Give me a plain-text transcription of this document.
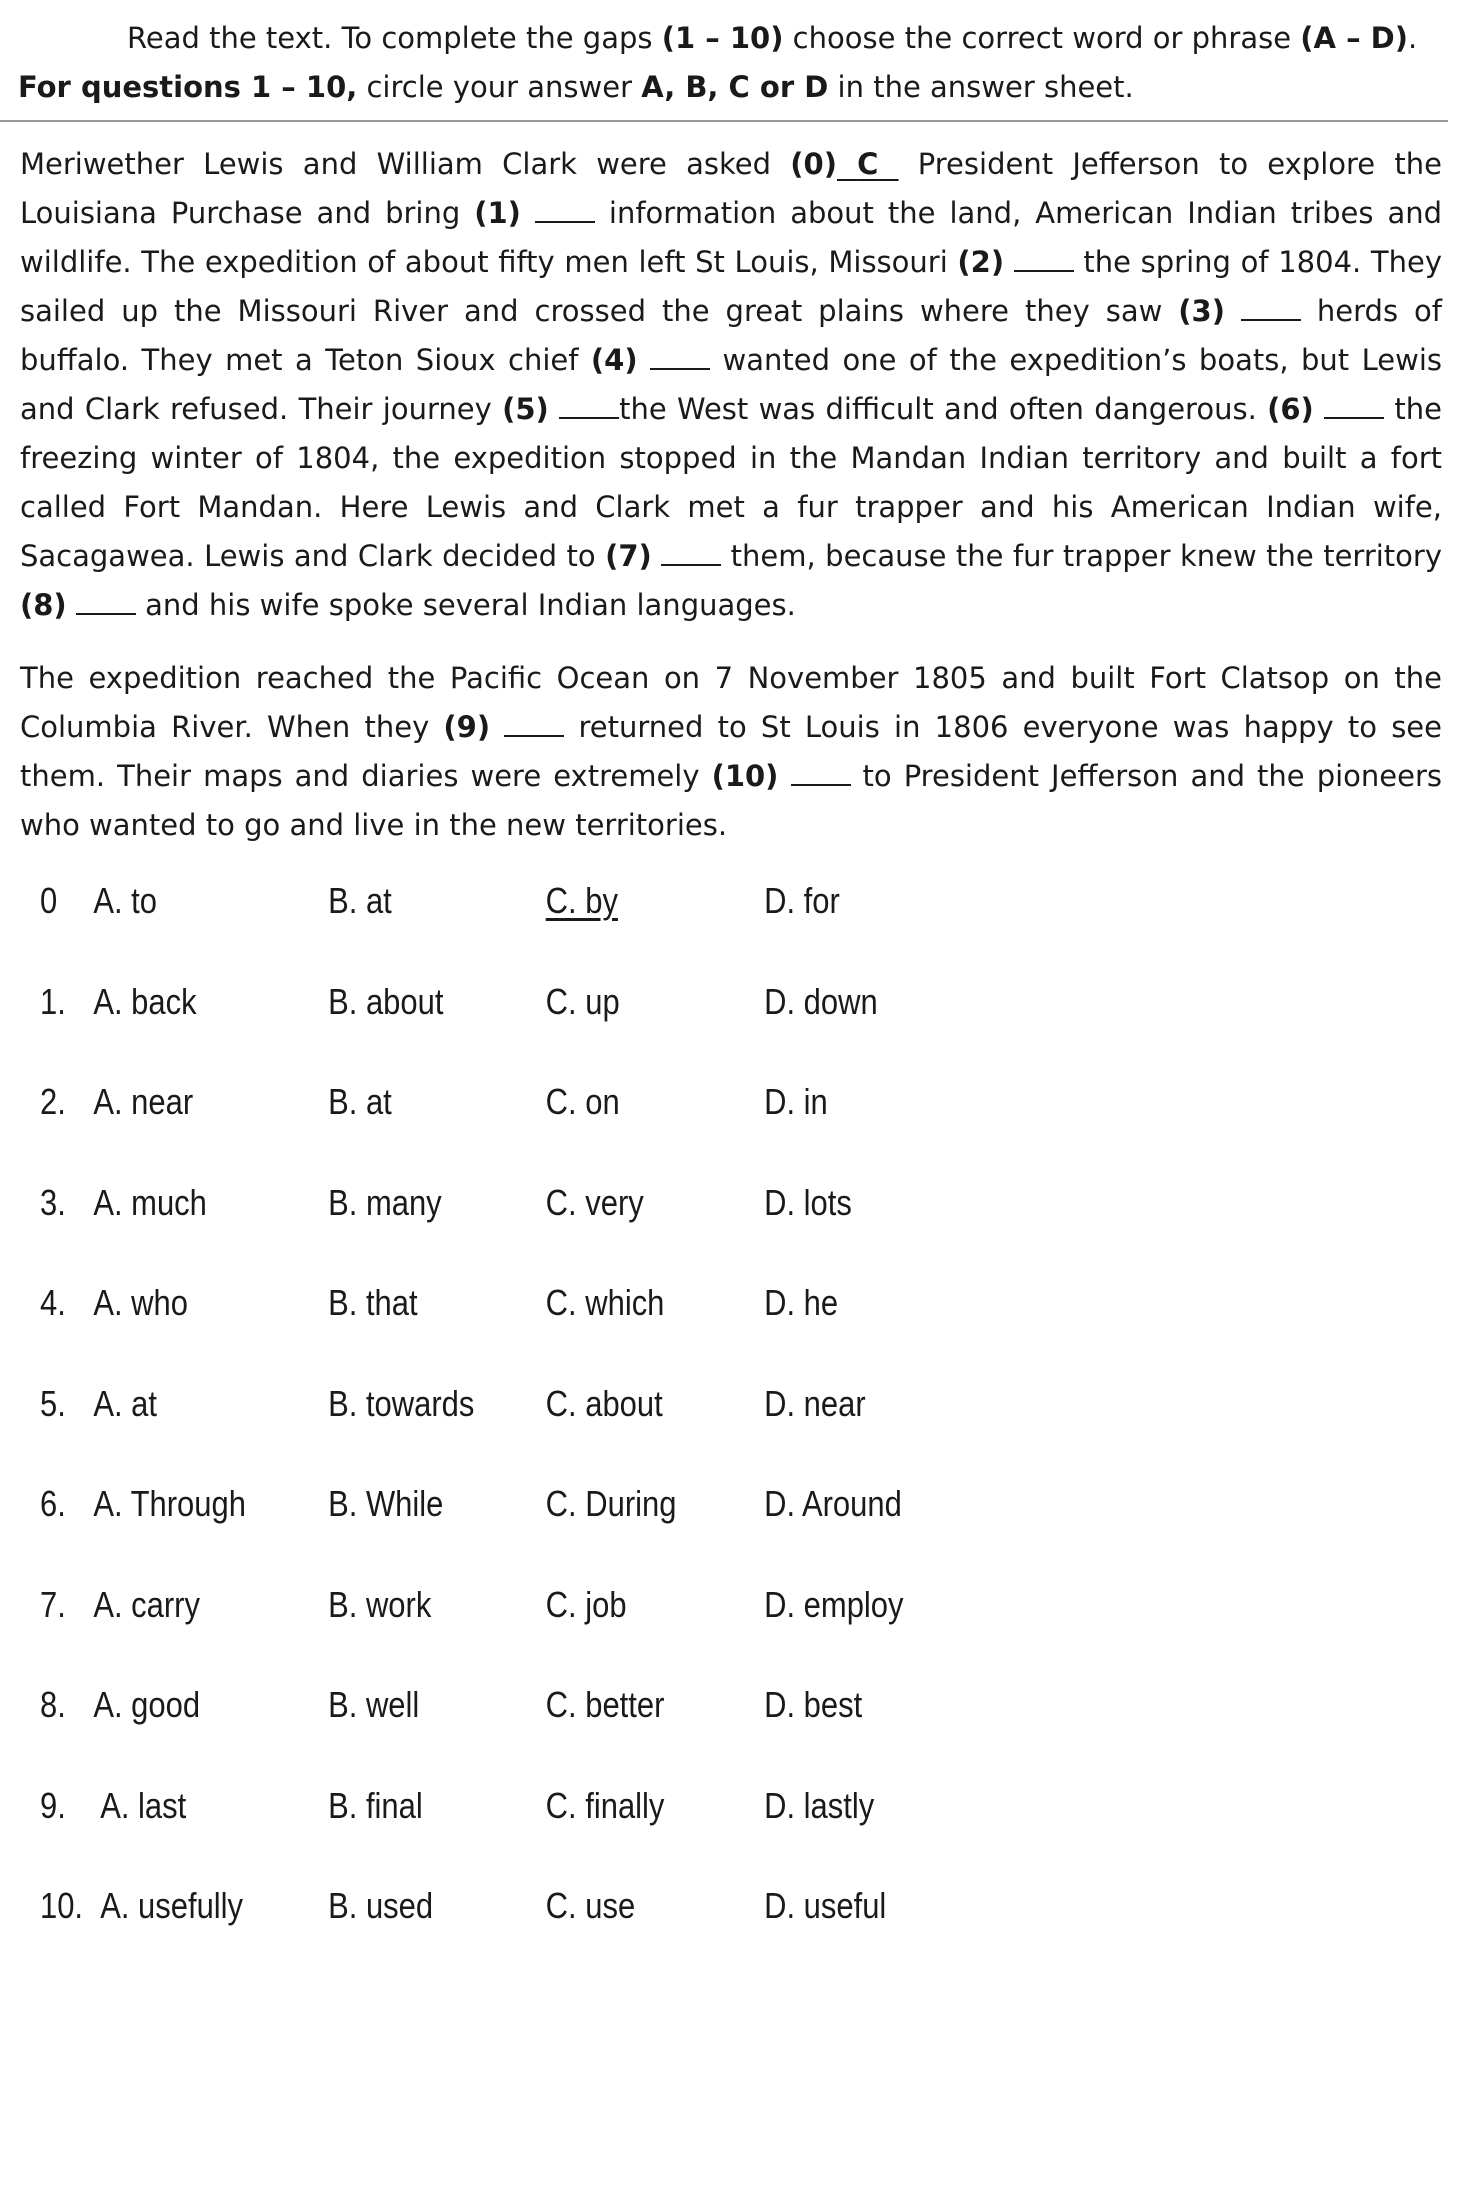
Read the text. To complete the gaps (1 – 10) choose the correct word or phrase (A – D).
For questions 1 – 10, circle your answer A, B, C or D in the answer sheet.
Meriwether Lewis and William Clark were asked (0) C  President Jefferson to explore the Louisiana Purchase and bring (1)	information about the land, American Indian tribes and wildlife. The expedition of about fifty men left St Louis, Missouri (2)  the spring of 1804. They sailed up the Missouri River and crossed the great plains where they saw (3)	herds of buffalo. They met a Teton Sioux chief (4)  wanted one of the expedition’s boats, but Lewis and Clark refused. Their journey (5) the West was difficult and often dangerous. (6)  the freezing winter of 1804, the expedition stopped in the Mandan Indian territory and built a fort called Fort Mandan. Here Lewis and Clark met a fur trapper and his American Indian wife, Sacagawea. Lewis and Clark decided to (7)  them, because the fur trapper knew the territory (8)  and his wife spoke several Indian languages.
The expedition reached the Pacific Ocean on 7 November 1805 and built Fort Clatsop on the Columbia River. When they (9)	returned to St Louis in 1806 everyone was happy to see them. Their maps and diaries were extremely (10)  to President Jefferson and the pioneers who wanted to go and live in the new territories.
0 A. to	B. at	C. by	D. for
1. A. back	B. about	C. up	D. down
2. A. near	B. at	C. on	D. in
3. A. much	B. many	C. very	D. lots
4. A. who	B. that	C. which	D. he
5. A. at	B. towards C. about	D. near
6. A. Through B. While	C. During D. Around
7. A. carry	B. work	C. job	D. employ
8. A. good	B. well	C. better	D. best
9. A. last	B. final	C. finally	D. lastly
10. A. usefully B. used	C. use	D. useful
